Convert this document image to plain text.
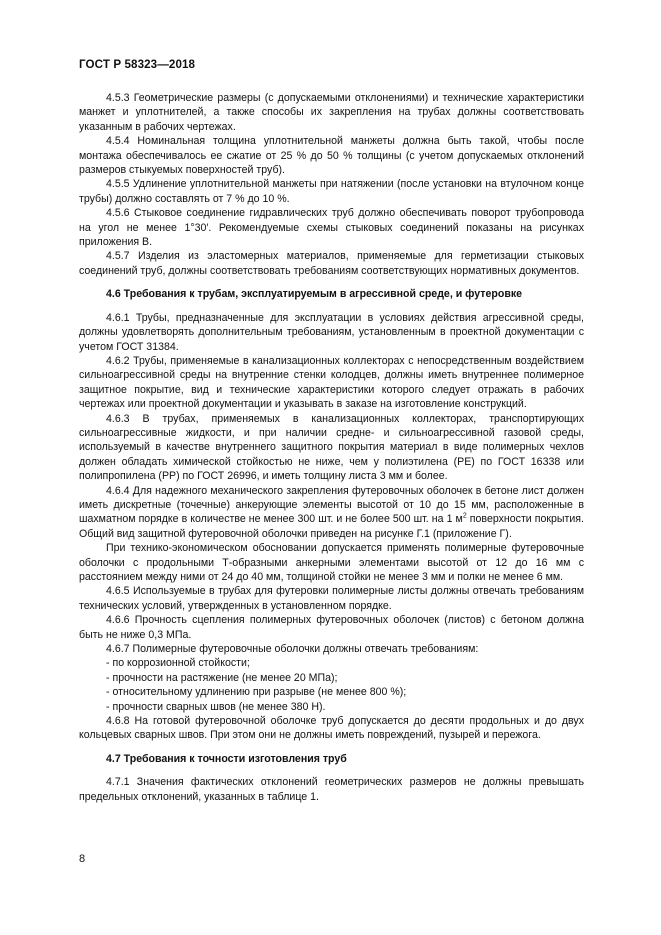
ГОСТ Р 58323—2018

4.5.3 Геометрические размеры (с допускаемыми отклонениями) и технические характеристики манжет и уплотнителей, а также способы их закрепления на трубах должны соответствовать указанным в рабочих чертежах.

4.5.4 Номинальная толщина уплотнительной манжеты должна быть такой, чтобы после монтажа обеспечивалось ее сжатие от 25 % до 50 % толщины (с учетом допускаемых отклонений размеров стыкуемых поверхностей труб).

4.5.5 Удлинение уплотнительной манжеты при натяжении (после установки на втулочном конце трубы) должно составлять от 7 % до 10 %.

4.5.6 Стыковое соединение гидравлических труб должно обеспечивать поворот трубопровода на угол не менее 1°30′. Рекомендуемые схемы стыковых соединений показаны на рисунках приложения В.

4.5.7 Изделия из эластомерных материалов, применяемые для герметизации стыковых соединений труб, должны соответствовать требованиям соответствующих нормативных документов.

4.6 Требования к трубам, эксплуатируемым в агрессивной среде, и футеровке

4.6.1 Трубы, предназначенные для эксплуатации в условиях действия агрессивной среды, должны удовлетворять дополнительным требованиям, установленным в проектной документации с учетом ГОСТ 31384.

4.6.2 Трубы, применяемые в канализационных коллекторах с непосредственным воздействием сильноагрессивной среды на внутренние стенки колодцев, должны иметь внутреннее полимерное защитное покрытие, вид и технические характеристики которого следует отражать в рабочих чертежах или проектной документации и указывать в заказе на изготовление конструкций.

4.6.3 В трубах, применяемых в канализационных коллекторах, транспортирующих сильноагрессивные жидкости, и при наличии средне- и сильноагрессивной газовой среды, используемый в качестве внутреннего защитного покрытия материал в виде полимерных чехлов должен обладать химической стойкостью не ниже, чем у полиэтилена (РЕ) по ГОСТ 16338 или полипропилена (РР) по ГОСТ 26996, и иметь толщину листа 3 мм и более.

4.6.4 Для надежного механического закрепления футеровочных оболочек в бетоне лист должен иметь дискретные (точечные) анкерующие элементы высотой от 10 до 15 мм, расположенные в шахматном порядке в количестве не менее 300 шт. и не более 500 шт. на 1 $м^2$ поверхности покрытия. Общий вид защитной футеровочной оболочки приведен на рисунке Г.1 (приложение Г).

При технико-экономическом обосновании допускается применять полимерные футеровочные оболочки с продольными Т-образными анкерными элементами высотой от 12 до 16 мм с расстоянием между ними от 24 до 40 мм, толщиной стойки не менее 3 мм и полки не менее 6 мм.

4.6.5 Используемые в трубах для футеровки полимерные листы должны отвечать требованиям технических условий, утвержденных в установленном порядке.

4.6.6 Прочность сцепления полимерных футеровочных оболочек (листов) с бетоном должна быть не ниже 0,3 МПа.

4.6.7 Полимерные футеровочные оболочки должны отвечать требованиям:

- по коррозионной стойкости;

- прочности на растяжение (не менее 20 МПа);

- относительному удлинению при разрыве (не менее 800 %);

- прочности сварных швов (не менее 380 Н).

4.6.8 На готовой футеровочной оболочке труб допускается до десяти продольных и до двух кольцевых сварных швов. При этом они не должны иметь повреждений, пузырей и пережога.

4.7 Требования к точности изготовления труб

4.7.1 Значения фактических отклонений геометрических размеров не должны превышать предельных отклонений, указанных в таблице 1.

8
